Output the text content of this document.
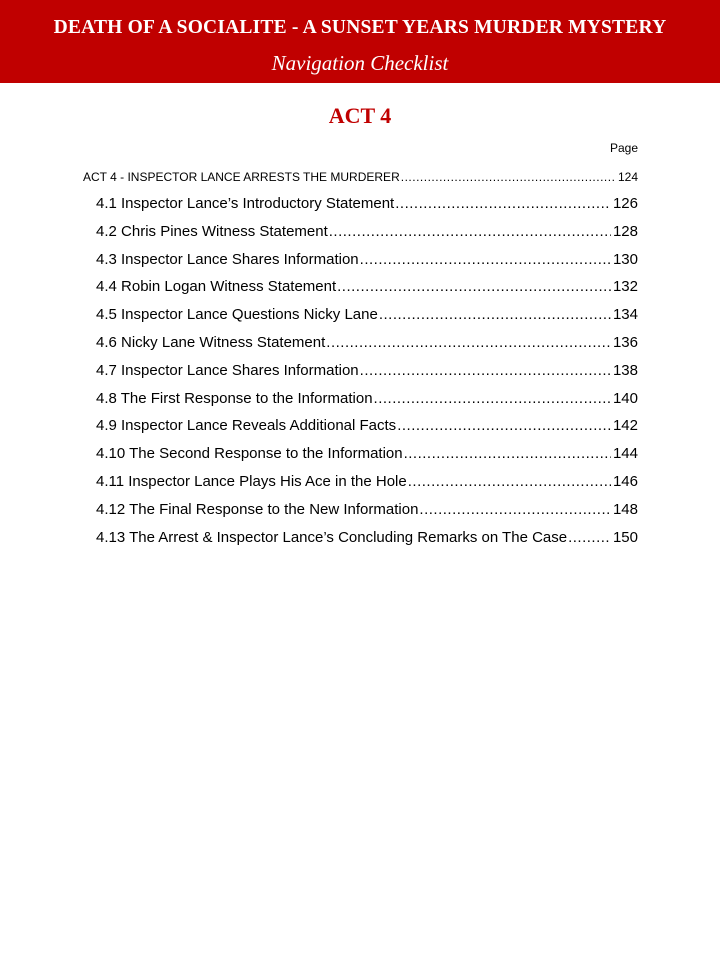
DEATH OF A SOCIALITE - A SUNSET YEARS MURDER MYSTERY
Navigation Checklist
ACT 4
Page
ACT 4 - INSPECTOR LANCE ARRESTS THE MURDERER .....	124
4.1 Inspector Lance’s Introductory Statement .....	126
4.2 Chris Pines Witness Statement .....	128
4.3 Inspector Lance Shares Information .....	130
4.4 Robin Logan Witness Statement .....	132
4.5 Inspector Lance Questions Nicky Lane .....	134
4.6 Nicky Lane Witness Statement .....	136
4.7 Inspector Lance Shares Information .....	138
4.8 The First Response to the Information .....	140
4.9 Inspector Lance Reveals Additional Facts .....	142
4.10 The Second Response to the Information .....	144
4.11 Inspector Lance Plays His Ace in the Hole .....	146
4.12 The Final Response to the New Information .....	148
4.13 The Arrest & Inspector Lance’s Concluding Remarks on The Case .....	150
